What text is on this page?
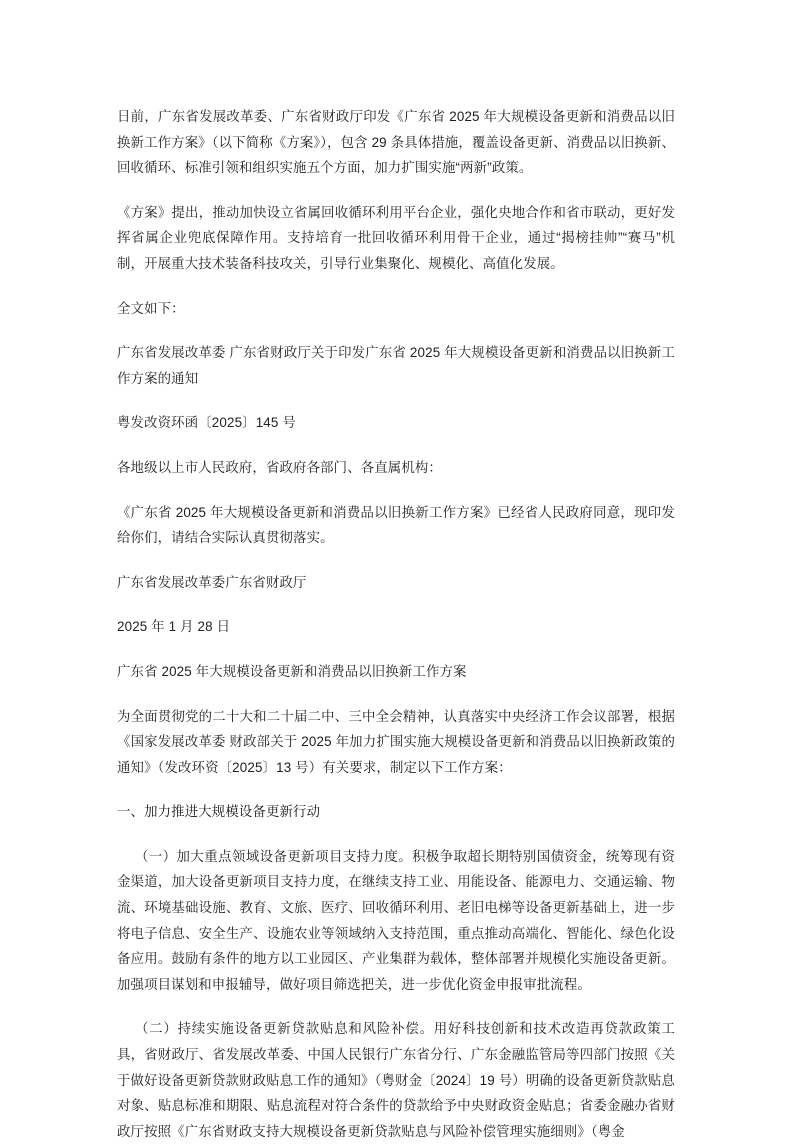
日前，广东省发展改革委、广东省财政厅印发《广东省 2025 年大规模设备更新和消费品以旧换新工作方案》（以下简称《方案》），包含 29 条具体措施，覆盖设备更新、消费品以旧换新、回收循环、标准引领和组织实施五个方面，加力扩围实施“两新”政策。

《方案》提出，推动加快设立省属回收循环利用平台企业，强化央地合作和省市联动，更好发挥省属企业兜底保障作用。支持培育一批回收循环利用骨干企业，通过“揭榜挂帅”“赛马”机制，开展重大技术装备科技攻关，引导行业集聚化、规模化、高值化发展。

全文如下：

广东省发展改革委 广东省财政厅关于印发广东省 2025 年大规模设备更新和消费品以旧换新工作方案的通知

粤发改资环函〔2025〕145 号

各地级以上市人民政府，省政府各部门、各直属机构：

《广东省 2025 年大规模设备更新和消费品以旧换新工作方案》已经省人民政府同意，现印发给你们，请结合实际认真贯彻落实。

广东省发展改革委广东省财政厅

2025 年 1 月 28 日

广东省 2025 年大规模设备更新和消费品以旧换新工作方案

为全面贯彻党的二十大和二十届二中、三中全会精神，认真落实中央经济工作会议部署，根据《国家发展改革委 财政部关于 2025 年加力扩围实施大规模设备更新和消费品以旧换新政策的通知》（发改环资〔2025〕13 号）有关要求，制定以下工作方案：

一、加力推进大规模设备更新行动

（一）加大重点领域设备更新项目支持力度。积极争取超长期特别国债资金，统筹现有资金渠道，加大设备更新项目支持力度，在继续支持工业、用能设备、能源电力、交通运输、物流、环境基础设施、教育、文旅、医疗、回收循环利用、老旧电梯等设备更新基础上，进一步将电子信息、安全生产、设施农业等领域纳入支持范围，重点推动高端化、智能化、绿色化设备应用。鼓励有条件的地方以工业园区、产业集群为载体，整体部署并规模化实施设备更新。加强项目谋划和申报辅导，做好项目筛选把关，进一步优化资金申报审批流程。

（二）持续实施设备更新贷款贴息和风险补偿。用好科技创新和技术改造再贷款政策工具，省财政厅、省发展改革委、中国人民银行广东省分行、广东金融监管局等四部门按照《关于做好设备更新贷款财政贴息工作的通知》（粤财金〔2024〕19 号）明确的设备更新贷款贴息对象、贴息标准和期限、贴息流程对符合条件的贷款给予中央财政资金贴息；省委金融办省财政厅按照《广东省财政支持大规模设备更新贷款贴息与风险补偿管理实施细则》（粤金
